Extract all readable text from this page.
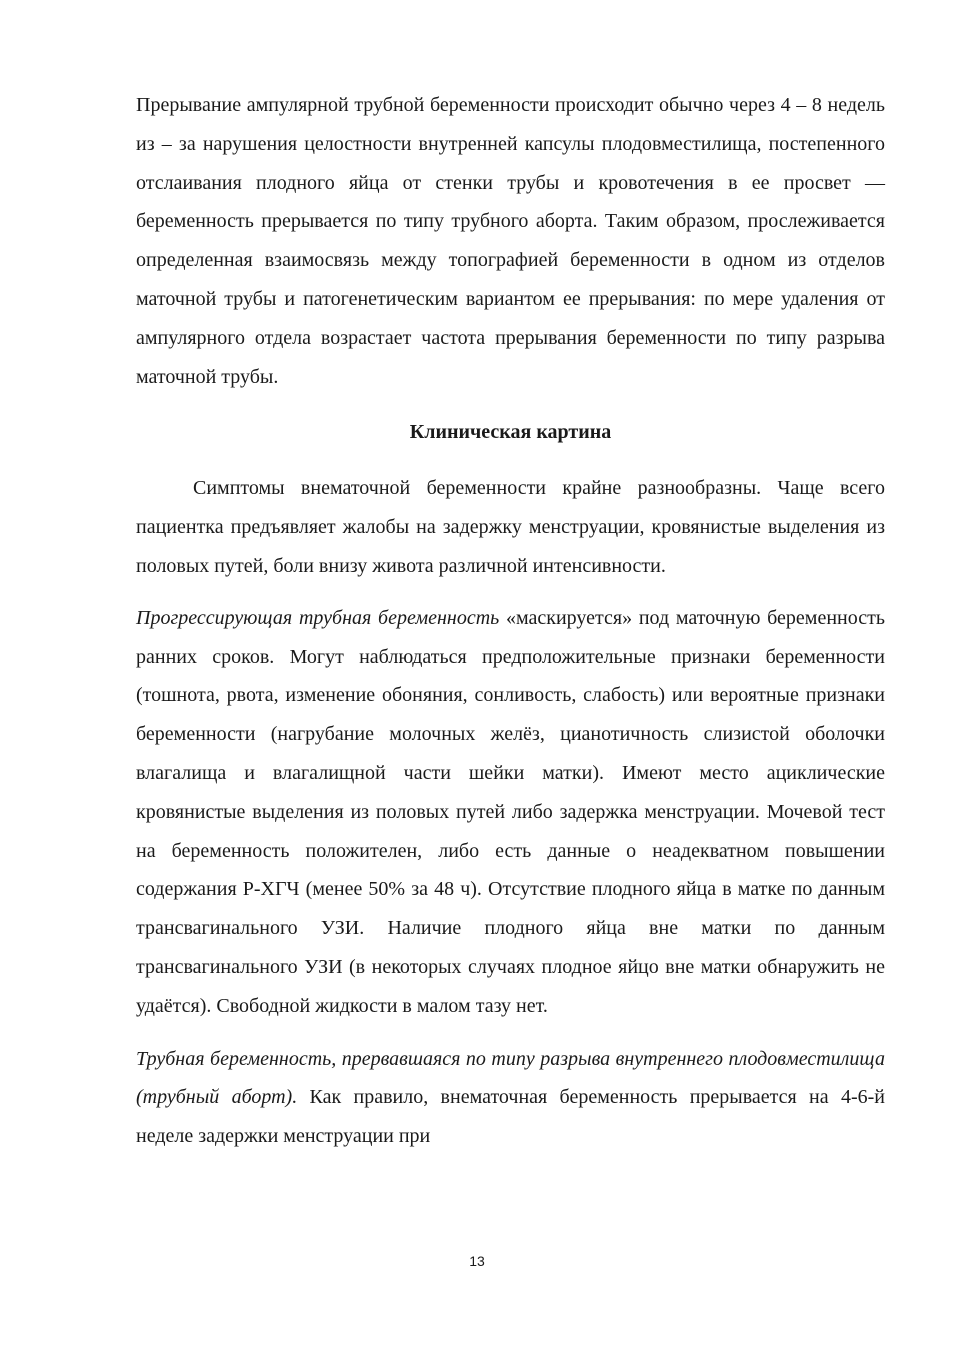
Прерывание ампулярной трубной беременности происходит обычно через 4 – 8 недель из – за нарушения целостности внутренней капсулы плодовместилища, постепенного отслаивания плодного яйца от стенки трубы и кровотечения в ее просвет — беременность прерывается по типу трубного аборта. Таким образом, прослеживается определенная взаимосвязь между топографией беременности в одном из отделов маточной трубы и патогенетическим вариантом ее прерывания: по мере удаления от ампулярного отдела возрастает частота прерывания беременности по типу разрыва маточной трубы.

Клиническая картина

Симптомы внематочной беременности крайне разнообразны. Чаще всего пациентка предъявляет жалобы на задержку менструации, кровянистые выделения из половых путей, боли внизу живота различной интенсивности.

Прогрессирующая трубная беременность «маскируется» под маточную беременность ранних сроков. Могут наблюдаться предположительные признаки беременности (тошнота, рвота, изменение обоняния, сонливость, слабость) или вероятные признаки беременности (нагрубание молочных желёз, цианотичность слизистой оболочки влагалища и влагалищной части шейки матки). Имеют место ациклические кровянистые выделения из половых путей либо задержка менструации. Мочевой тест на беременность положителен, либо есть данные о неадекватном повышении содержания Р-ХГЧ (менее 50% за 48 ч). Отсутствие плодного яйца в матке по данным трансвагинального УЗИ. Наличие плодного яйца вне матки по данным трансвагинального УЗИ (в некоторых случаях плодное яйцо вне матки обнаружить не удаётся). Свободной жидкости в малом тазу нет.

Трубная беременность, прервавшаяся по типу разрыва внутреннего плодовместилища (трубный аборт). Как правило, внематочная беременность прерывается на 4-6-й неделе задержки менструации при

13
